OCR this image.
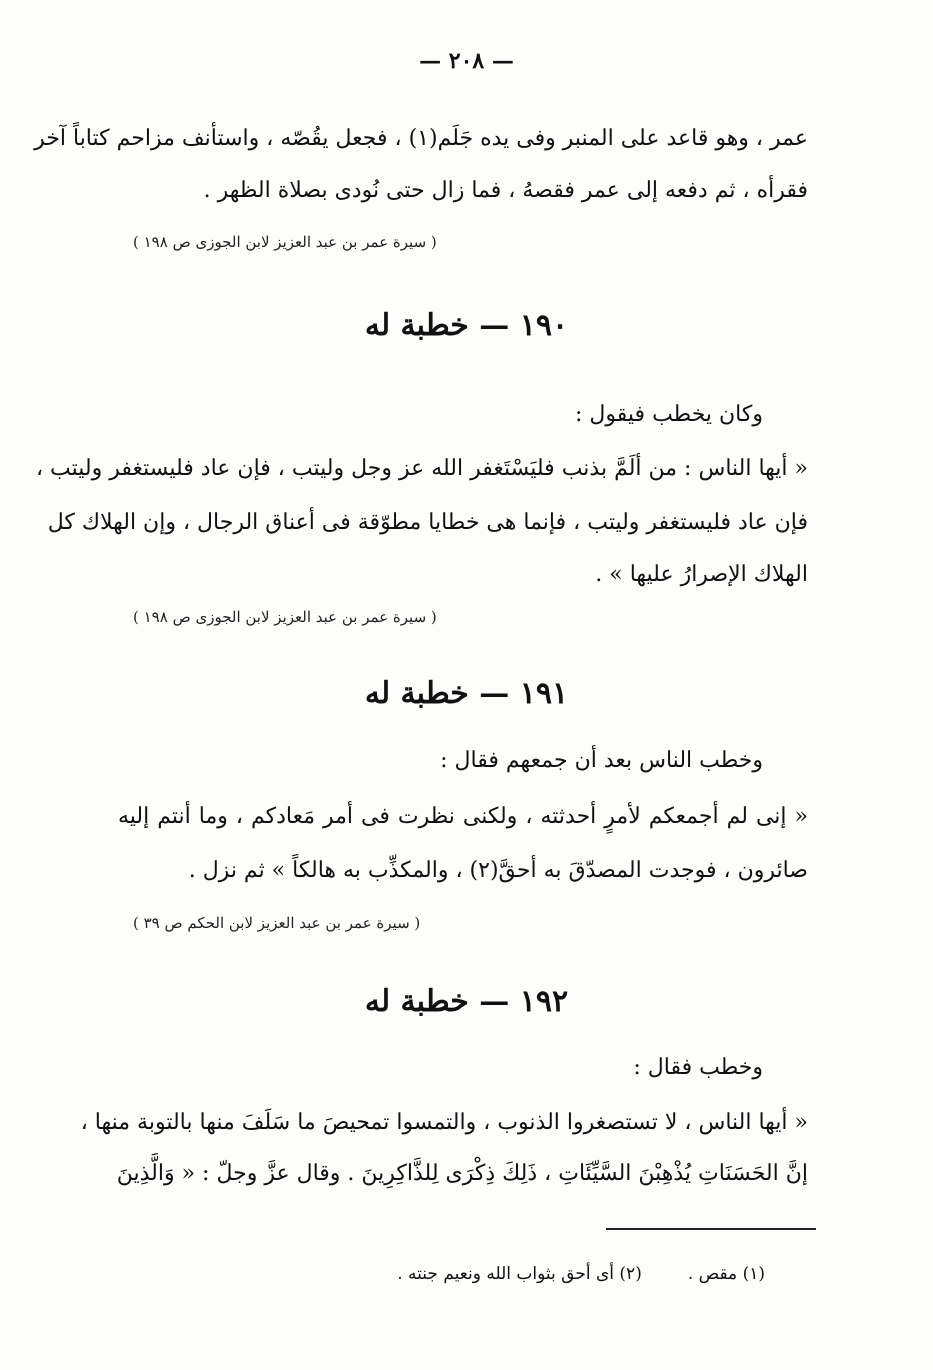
— ٢٠٨ —

عمر ، وهو قاعد على المنبر وفى يده جَلَم(١) ، فجعل يقُصّه ، واستأنف مزاحم كتاباً آخر

فقرأه ، ثم دفعه إلى عمر فقصهُ ، فما زال حتى نُودى بصلاة الظهر .

( سيرة عمر بن عبد العزيز لابن الجوزى ص ١٩٨ )

١٩٠ — خطبة له

وكان يخطب فيقول :

« أيها الناس : من ألَمَّ بذنب فليَسْتَغفر الله عز وجل وليتب ، فإن عاد فليستغفر وليتب ،

فإن عاد فليستغفر وليتب ، فإنما هى خطايا مطوّقة فى أعناق الرجال ، وإن الهلاك كل

الهلاك الإصرارُ عليها » .

( سيرة عمر بن عبد العزيز لابن الجوزى ص ١٩٨ )

١٩١ — خطبة له

وخطب الناس بعد أن جمعهم فقال :

« إنى لم أجمعكم لأمرٍ أحدثته ، ولكنى نظرت فى أمر مَعادكم ، وما أنتم إليه

صائرون ، فوجدت المصدّقَ به أحقَّ(٢) ، والمكذِّب به هالكاً » ثم نزل .

( سيرة عمر بن عبد العزيز لابن الحكم ص ٣٩ )

١٩٢ — خطبة له

وخطب فقال :

« أيها الناس ، لا تستصغروا الذنوب ، والتمسوا تمحيصَ ما سَلَفَ منها بالتوبة منها ،

إنَّ الحَسَنَاتِ يُذْهِبْنَ السَّيِّئَاتِ ، ذَلِكَ ذِكْرَى لِلذَّاكِرِينَ . وقال عزَّ وجلّ : « وَالَّذِينَ

(١) مقص .
(٢) أى أحق بثواب الله ونعيم جنته .
